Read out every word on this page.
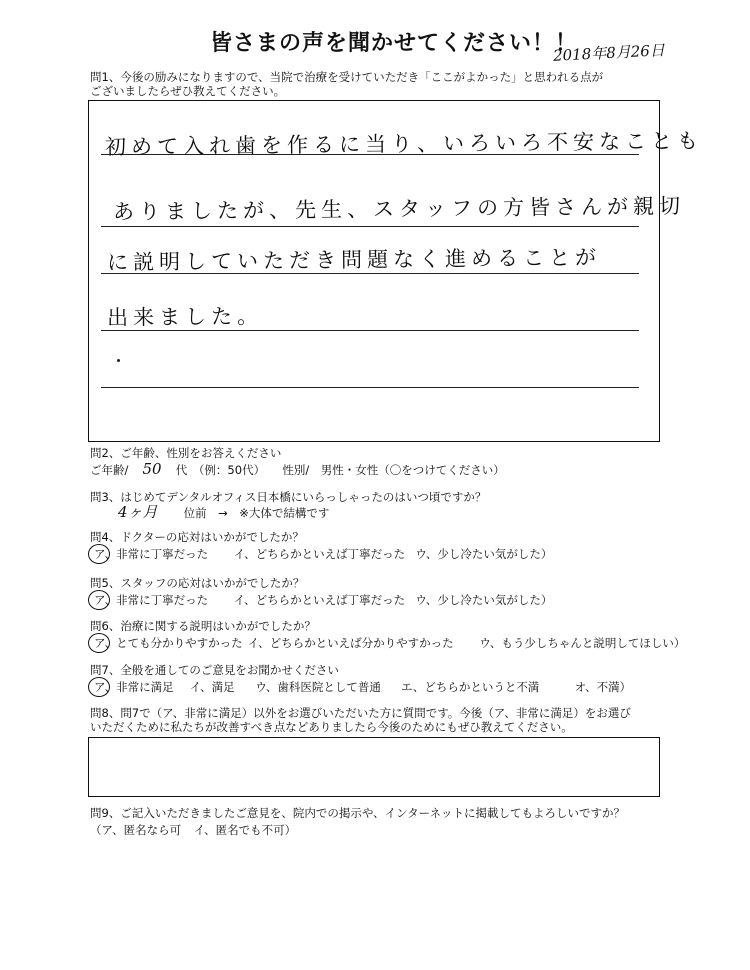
皆さまの声を聞かせてください！！
2018年8月26日
問1、今後の励みになりますので、当院で治療を受けていただき「ここがよかった」と思われる点が
ございましたらぜひ教えてください。
初めて入れ歯を作るに当り、いろいろ不安なことも
ありましたが、先生、スタッフの方皆さんが親切
に説明していただき問題なく進めることが
出来ました。
問2、ご年齢、性別をお答えください
ご年齢/ 50 代　（例：50代）　　性別/　男性・女性（〇をつけてください）
問3、はじめてデンタルオフィス日本橋にいらっしゃったのはいつ頃ですか？
4ヶ月 位前　→　※大体で結構です
問4、ドクターの応対はいかがでしたか？
ア、非常に丁寧だった イ、どちらかといえば丁寧だった ウ、少し冷たい気がした）
問5、スタッフの応対はいかがでしたか？
ア、非常に丁寧だった イ、どちらかといえば丁寧だった ウ、少し冷たい気がした）
問6、治療に関する説明はいかがでしたか？
ア、とても分かりやすかった イ、どちらかといえば分かりやすかった ウ、もう少しちゃんと説明してほしい）
問7、全般を通してのご意見をお聞かせください
ア、非常に満足 イ、満足 ウ、歯科医院として普通 エ、どちらかというと不満	オ、不満）
問8、問7で（ア、非常に満足）以外をお選びいただいた方に質問です。今後（ア、非常に満足）をお選び
いただくために私たちが改善すべき点などありましたら今後のためにもぜひ教えてください。
問9、ご記入いただきましたご意見を、院内での掲示や、インターネットに掲載してもよろしいですか？
（ア、匿名なら可 イ、匿名でも不可）
